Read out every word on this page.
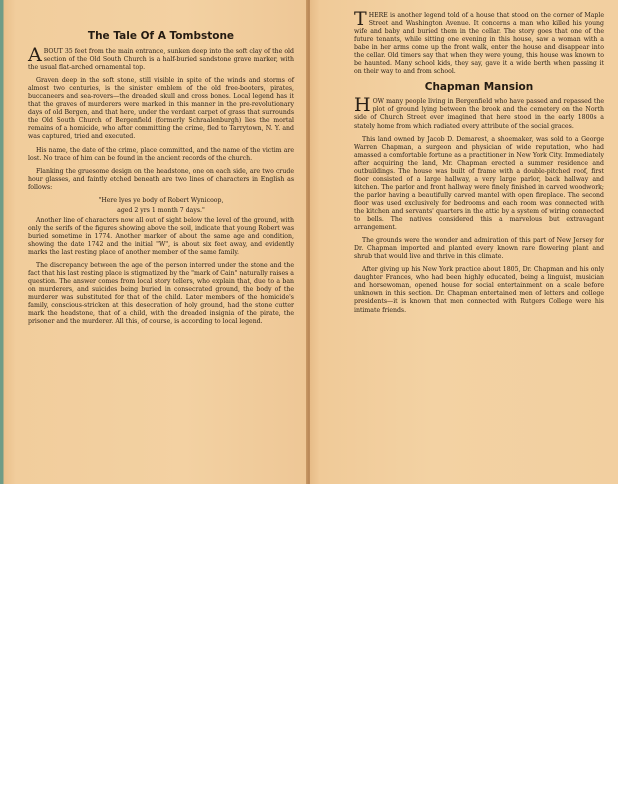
The Tale Of A Tombstone

ABOUT 35 feet from the main entrance, sunken deep into the soft clay of the old section of the Old South Church is a half-buried sandstone grave marker, with the usual flat-arched ornamental top.

Graven deep in the soft stone, still visible in spite of the winds and storms of almost two centuries, is the sinister emblem of the old free-booters, pirates, buccaneers and sea-rovers—the dreaded skull and cross bones. Local legend has it that the graves of murderers were marked in this manner in the pre-revolutionary days of old Bergen, and that here, under the verdant carpet of grass that surrounds the Old South Church of Bergenfield (formerly Schraalenburgh) lies the mortal remains of a homicide, who after committing the crime, fled to Tarrytown, N. Y. and was captured, tried and executed.

His name, the date of the crime, place committed, and the name of the victim are lost. No trace of him can be found in the ancient records of the church.

Flanking the gruesome design on the headstone, one on each side, are two crude hour glasses, and faintly etched beneath are two lines of characters in English as follows:

"Here lyes ye body of Robert Wynicoop,
aged 2 yrs 1 month 7 days."

Another line of characters now all out of sight below the level of the ground, with only the serifs of the figures showing above the soil, indicate that young Robert was buried sometime in 1774. Another marker of about the same age and condition, showing the date 1742 and the initial "W", is about six feet away, and evidently marks the last resting place of another member of the same family.

The discrepancy between the age of the person interred under the stone and the fact that his last resting place is stigmatized by the "mark of Cain" naturally raises a question. The answer comes from local story tellers, who explain that, due to a ban on murderers, and suicides being buried in consecrated ground, the body of the murderer was substituted for that of the child. Later members of the homicide's family, conscious-stricken at this desecration of holy ground, had the stone cutter mark the headstone, that of a child, with the dreaded insignia of the pirate, the prisoner and the murderer. All this, of course, is according to local legend.

THERE is another legend told of a house that stood on the corner of Maple Street and Washington Avenue. It concerns a man who killed his young wife and baby and buried them in the cellar. The story goes that one of the future tenants, while sitting one evening in this house, saw a woman with a babe in her arms come up the front walk, enter the house and disappear into the cellar. Old timers say that when they were young, this house was known to be haunted. Many school kids, they say, gave it a wide berth when passing it on their way to and from school.

Chapman Mansion

HOW many people living in Bergenfield who have passed and repassed the plot of ground lying between the brook and the cemetery on the North side of Church Street ever imagined that here stood in the early 1800s a stately home from which radiated every attribute of the social graces.

This land owned by Jacob D. Demarest, a shoemaker, was sold to a George Warren Chapman, a surgeon and physician of wide reputation, who had amassed a comfortable fortune as a practitioner in New York City. Immediately after acquiring the land, Mr. Chapman erected a summer residence and outbuildings. The house was built of frame with a double-pitched roof, first floor consisted of a large hallway, a very large parlor, back hallway and kitchen. The parlor and front hallway were finely finished in carved woodwork; the parlor having a beautifully carved mantel with open fireplace. The second floor was used exclusively for bedrooms and each room was connected with the kitchen and servants' quarters in the attic by a system of wiring connected to bells. The natives considered this a marvelous but extravagant arrangement.

The grounds were the wonder and admiration of this part of New Jersey for Dr. Chapman imported and planted every known rare flowering plant and shrub that would live and thrive in this climate.

After giving up his New York practice about 1805, Dr. Chapman and his only daughter Frances, who had been highly educated, being a linguist, musician and horsewoman, opened house for social entertainment on a scale before unknown in this section. Dr. Chapman entertained men of letters and college presidents—it is known that men connected with Rutgers College were his intimate friends.
